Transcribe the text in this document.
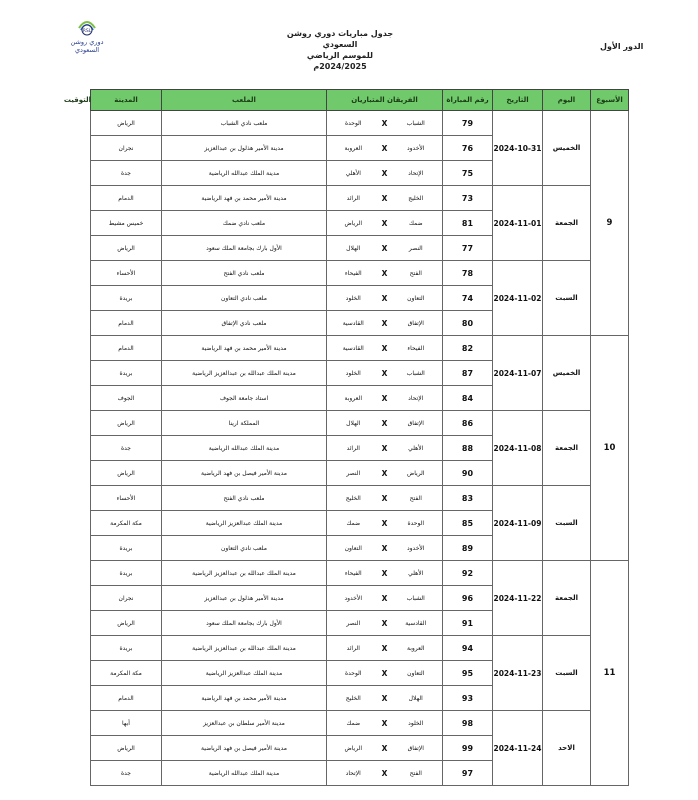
RSL
دوري روشن
السعودي
جدول مباريات دوري روشن السعودي
للموسم الرياضي 2024/2025م
الدور الأول
الأسبوع	اليوم	التاريخ	رقم المباراة	الفريقان المتباريان			الملعب	المدينة	التوقيت
9	الخميس	2024-10-31	79	الشباب	X	الوحدة	ملعب نادي الشباب	الرياض	
			76	الأخدود	X	العروبة	مدينة الأمير هذلول بن عبدالعزيز	نجران	
			75	الإتحاد	X	الأهلي	مدينة الملك عبدالله الرياضية	جدة	
	الجمعة	2024-11-01	73	الخليج	X	الرائد	مدينة الأمير محمد بن فهد الرياضية	الدمام	
			81	ضمك	X	الرياض	ملعب نادي ضمك	خميس مشيط	
			77	النصر	X	الهلال	الأول بارك بجامعة الملك سعود	الرياض	
	السبت	2024-11-02	78	الفتح	X	الفيحاء	ملعب نادي الفتح	الأحساء	
			74	التعاون	X	الخلود	ملعب نادي التعاون	بريدة	
			80	الإتفاق	X	القادسية	ملعب نادي الإتفاق	الدمام	
10	الخميس	2024-11-07	82	الفيحاء	X	القادسية	مدينة الأمير محمد بن فهد الرياضية	الدمام	
			87	الشباب	X	الخلود	مدينة الملك عبدالله بن عبدالعزيز الرياضية	بريدة	
			84	الإتحاد	X	العروبة	استاد جامعة الجوف	الجوف	
	الجمعة	2024-11-08	86	الإتفاق	X	الهلال	المملكة ارينا	الرياض	
			88	الأهلي	X	الرائد	مدينة الملك عبدالله الرياضية	جدة	
			90	الرياض	X	النصر	مدينة الأمير فيصل بن فهد الرياضية	الرياض	
	السبت	2024-11-09	83	الفتح	X	الخليج	ملعب نادي الفتح	الأحساء	
			85	الوحدة	X	ضمك	مدينة الملك عبدالعزيز الرياضية	مكة المكرمة	
			89	الأخدود	X	التعاون	ملعب نادي التعاون	بريدة	
11	الجمعة	2024-11-22	92	الأهلي	X	الفيحاء	مدينة الملك عبدالله بن عبدالعزيز الرياضية	بريدة	
			96	الشباب	X	الأخدود	مدينة الأمير هذلول بن عبدالعزيز	نجران	
			91	القادسية	X	النصر	الأول بارك بجامعة الملك سعود	الرياض	
	السبت	2024-11-23	94	العروبة	X	الرائد	مدينة الملك عبدالله بن عبدالعزيز الرياضية	بريدة	
			95	التعاون	X	الوحدة	مدينة الملك عبدالعزيز الرياضية	مكة المكرمة	
			93	الهلال	X	الخليج	مدينة الأمير محمد بن فهد الرياضية	الدمام	
	الاحد	2024-11-24	98	الخلود	X	ضمك	مدينة الأمير سلطان بن عبدالعزيز	أبها	
			99	الإتفاق	X	الرياض	مدينة الأمير فيصل بن فهد الرياضية	الرياض	
			97	الفتح	X	الإتحاد	مدينة الملك عبدالله الرياضية	جدة	
